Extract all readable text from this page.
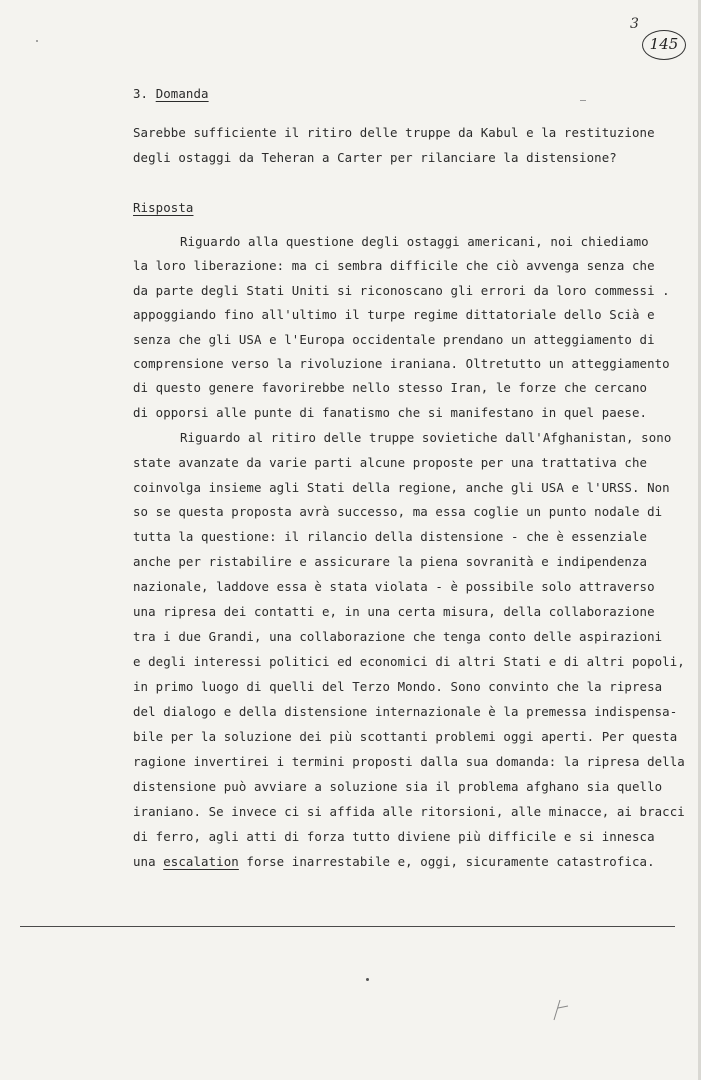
3
145
3. Domanda
Sarebbe sufficiente il ritiro delle truppe da Kabul e la restituzione
degli ostaggi da Teheran a Carter per rilanciare la distensione?
Risposta
Riguardo alla questione degli ostaggi americani, noi chiediamo
la loro liberazione: ma ci sembra difficile che ciò avvenga senza che
da parte degli Stati Uniti si riconoscano gli errori da loro commessi .
appoggiando fino all'ultimo il turpe regime dittatoriale dello Scià e
senza che gli USA e l'Europa occidentale prendano un atteggiamento di
comprensione verso la rivoluzione iraniana. Oltretutto un atteggiamento
di questo genere favorirebbe nello stesso Iran, le forze che cercano
di opporsi alle punte di fanatismo che si manifestano in quel paese.
Riguardo al ritiro delle truppe sovietiche dall'Afghanistan, sono
state avanzate da varie parti alcune proposte per una trattativa che
coinvolga insieme agli Stati della regione, anche gli USA e l'URSS. Non
so se questa proposta avrà successo, ma essa coglie un punto nodale di
tutta la questione: il rilancio della distensione - che è essenziale
anche per ristabilire e assicurare la piena sovranità e indipendenza
nazionale, laddove essa è stata violata - è possibile solo attraverso
una ripresa dei contatti e, in una certa misura, della collaborazione
tra i due Grandi, una collaborazione che tenga conto delle aspirazioni
e degli interessi politici ed economici di altri Stati e di altri popoli,
in primo luogo di quelli del Terzo Mondo. Sono convinto che la ripresa
del dialogo e della distensione internazionale è la premessa indispensa-
bile per la soluzione dei più scottanti problemi oggi aperti. Per questa
ragione invertirei i termini proposti dalla sua domanda: la ripresa della
distensione può avviare a soluzione sia il problema afghano sia quello
iraniano. Se invece ci si affida alle ritorsioni, alle minacce, ai bracci
di ferro, agli atti di forza tutto diviene più difficile e si innesca
una escalation forse inarrestabile e, oggi, sicuramente catastrofica.
